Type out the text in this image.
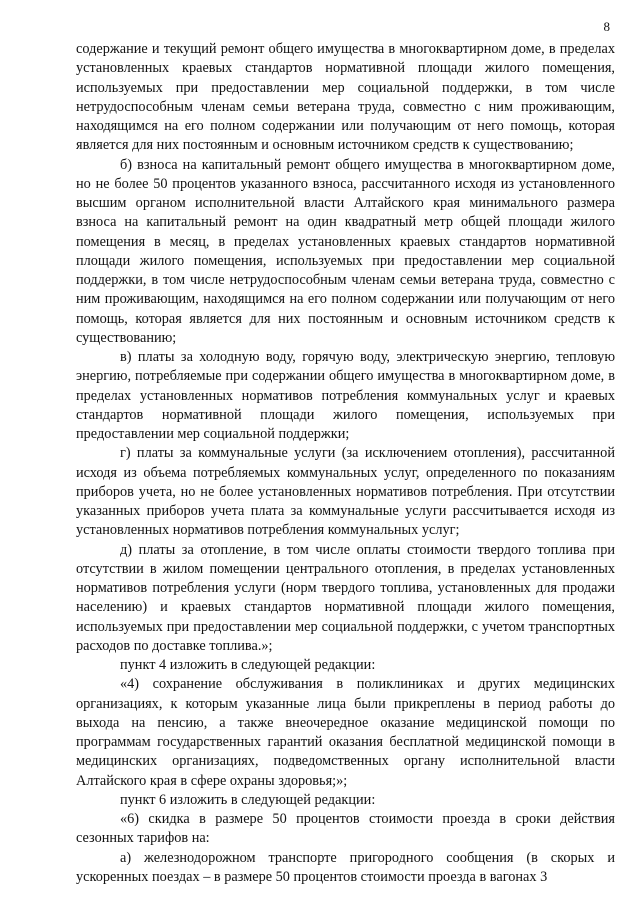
8

содержание и текущий ремонт общего имущества в многоквартирном доме, в пределах установленных краевых стандартов нормативной площади жилого помещения, используемых при предоставлении мер социальной поддержки, в том числе нетрудоспособным членам семьи ветерана труда, совместно с ним проживающим, находящимся на его полном содержании или получающим от него помощь, которая является для них постоянным и основным источником средств к существованию;

б) взноса на капитальный ремонт общего имущества в многоквартирном доме, но не более 50 процентов указанного взноса, рассчитанного исходя из установленного высшим органом исполнительной власти Алтайского края минимального размера взноса на капитальный ремонт на один квадратный метр общей площади жилого помещения в месяц, в пределах установленных краевых стандартов нормативной площади жилого помещения, используемых при предоставлении мер социальной поддержки, в том числе нетрудоспособным членам семьи ветерана труда, совместно с ним проживающим, находящимся на его полном содержании или получающим от него помощь, которая является для них постоянным и основным источником средств к существованию;

в) платы за холодную воду, горячую воду, электрическую энергию, тепловую энергию, потребляемые при содержании общего имущества в многоквартирном доме, в пределах установленных нормативов потребления коммунальных услуг и краевых стандартов нормативной площади жилого помещения, используемых при предоставлении мер социальной поддержки;

г) платы за коммунальные услуги (за исключением отопления), рассчитанной исходя из объема потребляемых коммунальных услуг, определенного по показаниям приборов учета, но не более установленных нормативов потребления. При отсутствии указанных приборов учета плата за коммунальные услуги рассчитывается исходя из установленных нормативов потребления коммунальных услуг;

д) платы за отопление, в том числе оплаты стоимости твердого топлива при отсутствии в жилом помещении центрального отопления, в пределах установленных нормативов потребления услуги (норм твердого топлива, установленных для продажи населению) и краевых стандартов нормативной площади жилого помещения, используемых при предоставлении мер социальной поддержки, с учетом транспортных расходов по доставке топлива.»;

пункт 4 изложить в следующей редакции:

«4) сохранение обслуживания в поликлиниках и других медицинских организациях, к которым указанные лица были прикреплены в период работы до выхода на пенсию, а также внеочередное оказание медицинской помощи по программам государственных гарантий оказания бесплатной медицинской помощи в медицинских организациях, подведомственных органу исполнительной власти Алтайского края в сфере охраны здоровья;»;

пункт 6 изложить в следующей редакции:

«6) скидка в размере 50 процентов стоимости проезда в сроки действия сезонных тарифов на:

а) железнодорожном транспорте пригородного сообщения (в скорых и ускоренных поездах – в размере 50 процентов стоимости проезда в вагонах 3
